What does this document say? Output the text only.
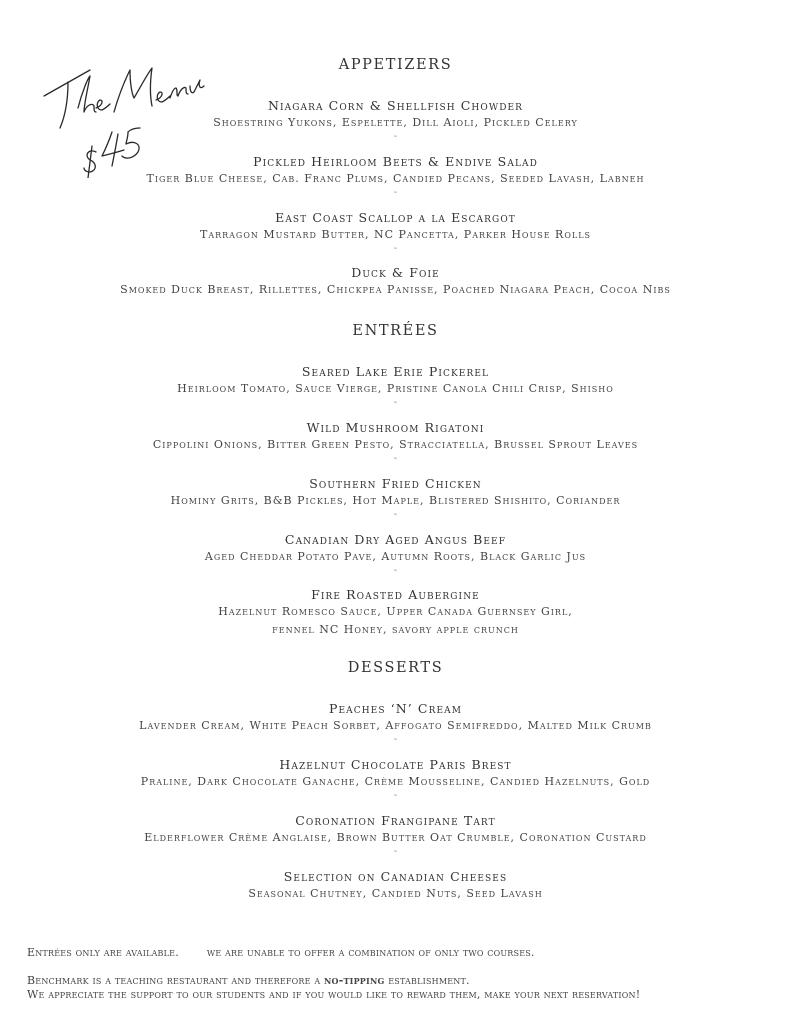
APPETIZERS
Niagara Corn & Shellfish Chowder
Shoestring Yukons, Espelette, Dill Aioli, Pickled Celery
-
Pickled Heirloom Beets & Endive Salad
Tiger Blue Cheese, Cab. Franc Plums, Candied Pecans, Seeded Lavash, Labneh
-
East Coast Scallop a la Escargot
Tarragon Mustard Butter, NC Pancetta, Parker House Rolls
-
Duck & Foie
Smoked Duck Breast, Rillettes, Chickpea Panisse, Poached Niagara Peach, Cocoa Nibs
ENTRÉES
Seared Lake Erie Pickerel
Heirloom Tomato, Sauce Vierge, Pristine Canola Chili Crisp, Shisho
-
Wild Mushroom Rigatoni
Cippolini Onions, Bitter Green Pesto, Stracciatella, Brussel Sprout Leaves
-
Southern Fried Chicken
Hominy Grits, B&B Pickles, Hot Maple, Blistered Shishito, Coriander
-
Canadian Dry Aged Angus Beef
Aged Cheddar Potato Pave, Autumn Roots, Black Garlic Jus
-
Fire Roasted Aubergine
Hazelnut Romesco Sauce, Upper Canada Guernsey Girl,
fennel NC Honey, savory apple crunch
DESSERTS
Peaches ‘N’ Cream
Lavender Cream, White Peach Sorbet, Affogato Semifreddo, Malted Milk Crumb
-
Hazelnut Chocolate Paris Brest
Praline, Dark Chocolate Ganache, Crème Mousseline, Candied Hazelnuts, Gold
-
Coronation Frangipane Tart
Elderflower Crème Anglaise, Brown Butter Oat Crumble, Coronation Custard
-
Selection on Canadian Cheeses
Seasonal Chutney, Candied Nuts, Seed Lavash
Entrées only are available.	we are unable to offer a combination of only two courses.
Benchmark is a teaching restaurant and therefore a no-tipping establishment.
We appreciate the support to our students and if you would like to reward them, make your next reservation!
